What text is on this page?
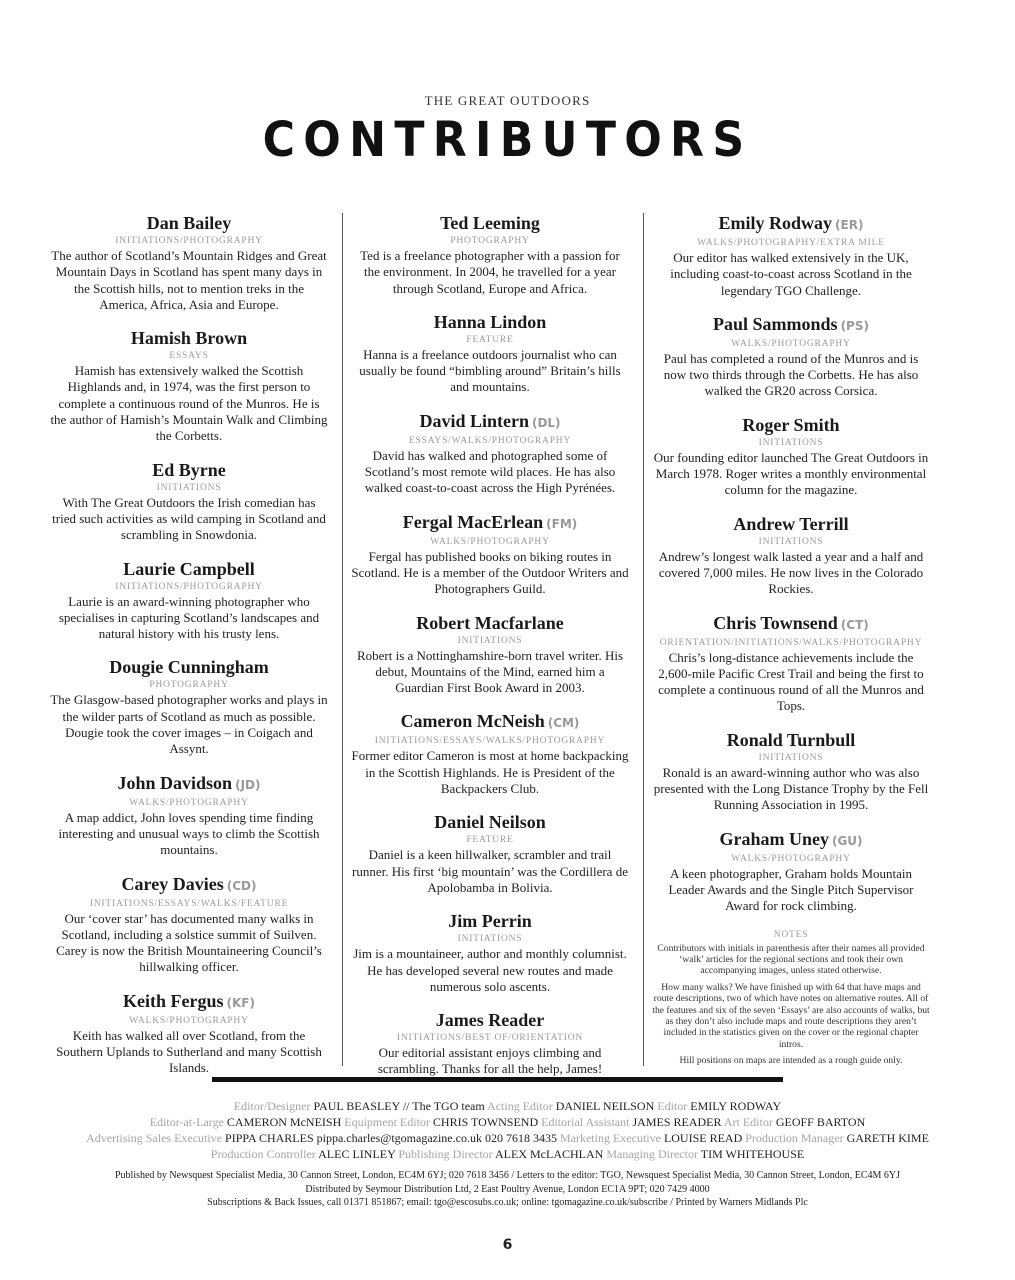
THE GREAT OUTDOORS
CONTRIBUTORS
Dan Bailey
INITIATIONS/PHOTOGRAPHY
The author of Scotland’s Mountain Ridges and Great Mountain Days in Scotland has spent many days in the Scottish hills, not to mention treks in the America, Africa, Asia and Europe.
Hamish Brown
ESSAYS
Hamish has extensively walked the Scottish Highlands and, in 1974, was the first person to complete a continuous round of the Munros. He is the author of Hamish’s Mountain Walk and Climbing the Corbetts.
Ed Byrne
INITIATIONS
With The Great Outdoors the Irish comedian has tried such activities as wild camping in Scotland and scrambling in Snowdonia.
Laurie Campbell
INITIATIONS/PHOTOGRAPHY
Laurie is an award-winning photographer who specialises in capturing Scotland’s landscapes and natural history with his trusty lens.
Dougie Cunningham
PHOTOGRAPHY
The Glasgow-based photographer works and plays in the wilder parts of Scotland as much as possible. Dougie took the cover images – in Coigach and Assynt.
John Davidson (JD)
WALKS/PHOTOGRAPHY
A map addict, John loves spending time finding interesting and unusual ways to climb the Scottish mountains.
Carey Davies (CD)
INITIATIONS/ESSAYS/WALKS/FEATURE
Our ‘cover star’ has documented many walks in Scotland, including a solstice summit of Suilven. Carey is now the British Mountaineering Council’s hillwalking officer.
Keith Fergus (KF)
WALKS/PHOTOGRAPHY
Keith has walked all over Scotland, from the Southern Uplands to Sutherland and many Scottish Islands.
Ted Leeming
PHOTOGRAPHY
Ted is a freelance photographer with a passion for the environment. In 2004, he travelled for a year through Scotland, Europe and Africa.
Hanna Lindon
FEATURE
Hanna is a freelance outdoors journalist who can usually be found “bimbling around” Britain’s hills and mountains.
David Lintern (DL)
ESSAYS/WALKS/PHOTOGRAPHY
David has walked and photographed some of Scotland’s most remote wild places. He has also walked coast-to-coast across the High Pyrénées.
Fergal MacErlean (FM)
WALKS/PHOTOGRAPHY
Fergal has published books on biking routes in Scotland. He is a member of the Outdoor Writers and Photographers Guild.
Robert Macfarlane
INITIATIONS
Robert is a Nottinghamshire-born travel writer. His debut, Mountains of the Mind, earned him a Guardian First Book Award in 2003.
Cameron McNeish (CM)
INITIATIONS/ESSAYS/WALKS/PHOTOGRAPHY
Former editor Cameron is most at home backpacking in the Scottish Highlands. He is President of the Backpackers Club.
Daniel Neilson
FEATURE
Daniel is a keen hillwalker, scrambler and trail runner. His first ‘big mountain’ was the Cordillera de Apolobamba in Bolivia.
Jim Perrin
INITIATIONS
Jim is a mountaineer, author and monthly columnist. He has developed several new routes and made numerous solo ascents.
James Reader
INITIATIONS/BEST OF/ORIENTATION
Our editorial assistant enjoys climbing and scrambling. Thanks for all the help, James!
Emily Rodway (ER)
WALKS/PHOTOGRAPHY/EXTRA MILE
Our editor has walked extensively in the UK, including coast-to-coast across Scotland in the legendary TGO Challenge.
Paul Sammonds (PS)
WALKS/PHOTOGRAPHY
Paul has completed a round of the Munros and is now two thirds through the Corbetts. He has also walked the GR20 across Corsica.
Roger Smith
INITIATIONS
Our founding editor launched The Great Outdoors in March 1978. Roger writes a monthly environmental column for the magazine.
Andrew Terrill
INITIATIONS
Andrew’s longest walk lasted a year and a half and covered 7,000 miles. He now lives in the Colorado Rockies.
Chris Townsend (CT)
ORIENTATION/INITIATIONS/WALKS/PHOTOGRAPHY
Chris’s long-distance achievements include the 2,600-mile Pacific Crest Trail and being the first to complete a continuous round of all the Munros and Tops.
Ronald Turnbull
INITIATIONS
Ronald is an award-winning author who was also presented with the Long Distance Trophy by the Fell Running Association in 1995.
Graham Uney (GU)
WALKS/PHOTOGRAPHY
A keen photographer, Graham holds Mountain Leader Awards and the Single Pitch Supervisor Award for rock climbing.
NOTES
Contributors with initials in parenthesis after their names all provided ‘walk’ articles for the regional sections and took their own accompanying images, unless stated otherwise.
How many walks? We have finished up with 64 that have maps and route descriptions, two of which have notes on alternative routes. All of the features and six of the seven ‘Essays’ are also accounts of walks, but as they don’t also include maps and route descriptions they aren’t included in the statistics given on the cover or the regional chapter intros.
Hill positions on maps are intended as a rough guide only.
Editor/Designer PAUL BEASLEY // The TGO team Acting Editor DANIEL NEILSON Editor EMILY RODWAY
Editor-at-Large CAMERON McNEISH Equipment Editor CHRIS TOWNSEND Editorial Assistant JAMES READER Art Editor GEOFF BARTON
Advertising Sales Executive PIPPA CHARLES pippa.charles@tgomagazine.co.uk 020 7618 3435 Marketing Executive LOUISE READ Production Manager GARETH KIME
Production Controller ALEC LINLEY Publishing Director ALEX McLACHLAN Managing Director TIM WHITEHOUSE
Published by Newsquest Specialist Media, 30 Cannon Street, London, EC4M 6YJ; 020 7618 3456 / Letters to the editor: TGO, Newsquest Specialist Media, 30 Cannon Street, London, EC4M 6YJ
Distributed by Seymour Distribution Ltd, 2 East Poultry Avenue, London EC1A 9PT; 020 7429 4000
Subscriptions & Back Issues, call 01371 851867; email: tgo@escosubs.co.uk; online: tgomagazine.co.uk/subscribe / Printed by Warners Midlands Plc
6
